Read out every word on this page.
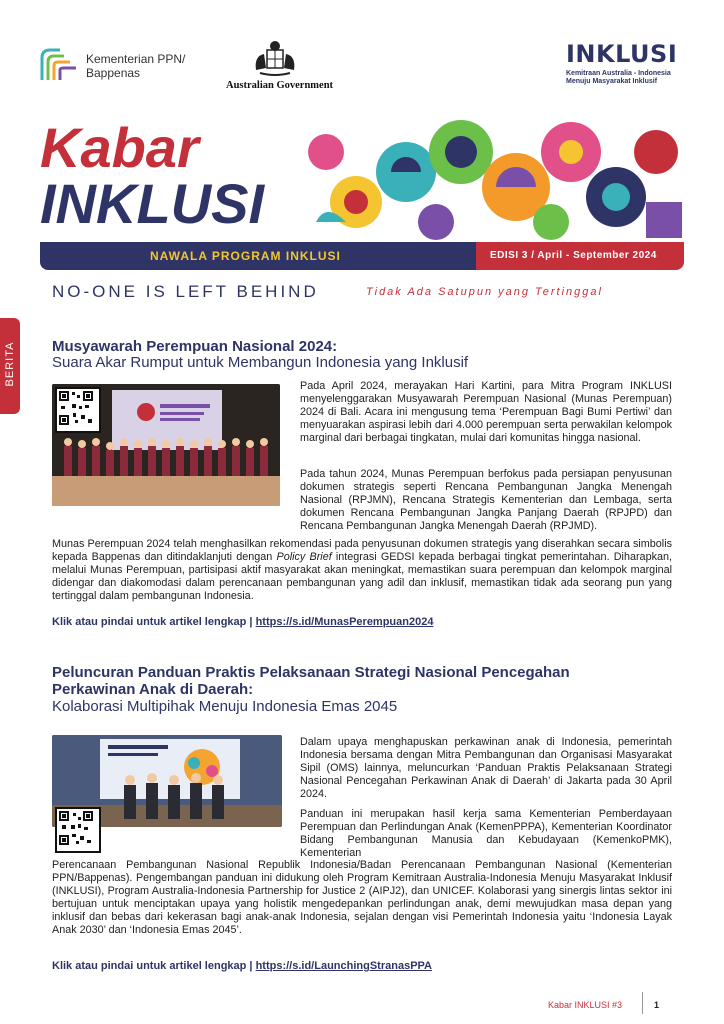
Kementerian PPN/
Bappenas
Australian Government
INKLUSI
Kemitraan Australia - Indonesia
Menuju Masyarakat Inklusif
Kabar
INKLUSI
NAWALA PROGRAM INKLUSI	EDISI 3 / April - September 2024
NO-ONE IS LEFT BEHIND	Tidak Ada Satupun yang Tertinggal
BERITA Musyawarah Perempuan Nasional 2024:
Suara Akar Rumput untuk Membangun Indonesia yang Inklusif
Pada April 2024, merayakan Hari Kartini, para Mitra Program INKLUSI menyelenggarakan Musyawarah Perempuan Nasional (Munas Perempuan) 2024 di Bali. Acara ini mengusung tema ‘Perempuan Bagi Bumi Pertiwi’ dan menyuarakan aspirasi lebih dari 4.000 perempuan serta perwakilan kelompok marginal dari berbagai tingkatan, mulai dari komunitas hingga nasional.
Pada tahun 2024, Munas Perempuan berfokus pada persiapan penyusunan dokumen strategis seperti Rencana Pembangunan Jangka Menengah Nasional (RPJMN), Rencana Strategis Kementerian dan Lembaga, serta dokumen Rencana Pembangunan Jangka Panjang Daerah (RPJPD) dan Rencana Pembangunan Jangka Menengah Daerah (RPJMD).
Munas Perempuan 2024 telah menghasilkan rekomendasi pada penyusunan dokumen strategis yang diserahkan secara simbolis kepada Bappenas dan ditindaklanjuti dengan Policy Brief integrasi GEDSI kepada berbagai tingkat pemerintahan. Diharapkan, melalui Munas Perempuan, partisipasi aktif masyarakat akan meningkat, memastikan suara perempuan dan kelompok marginal didengar dan diakomodasi dalam perencanaan pembangunan yang adil dan inklusif, memastikan tidak ada seorang pun yang tertinggal dalam pembangunan Indonesia.
Klik atau pindai untuk artikel lengkap | https://s.id/MunasPerempuan2024
Peluncuran Panduan Praktis Pelaksanaan Strategi Nasional Pencegahan
Perkawinan Anak di Daerah:
Kolaborasi Multipihak Menuju Indonesia Emas 2045
Dalam upaya menghapuskan perkawinan anak di Indonesia, pemerintah Indonesia bersama dengan Mitra Pembangunan dan Organisasi Masyarakat Sipil (OMS) lainnya, meluncurkan ‘Panduan Praktis Pelaksanaan Strategi Nasional Pencegahan Perkawinan Anak di Daerah’ di Jakarta pada 30 April 2024.
Panduan ini merupakan hasil kerja sama Kementerian Pemberdayaan Perempuan dan Perlindungan Anak (KemenPPPA), Kementerian Koordinator Bidang Pembangunan Manusia dan Kebudayaan (KemenkoPMK), Kementerian
Perencanaan Pembangunan Nasional Republik Indonesia/Badan Perencanaan Pembangunan Nasional (Kementerian PPN/Bappenas). Pengembangan panduan ini didukung oleh Program Kemitraan Australia-Indonesia Menuju Masyarakat Inklusif (INKLUSI), Program Australia-Indonesia Partnership for Justice 2 (AIPJ2), dan UNICEF. Kolaborasi yang sinergis lintas sektor ini bertujuan untuk menciptakan upaya yang holistik mengedepankan perlindungan anak, demi mewujudkan masa depan yang inklusif dan bebas dari kekerasan bagi anak-anak Indonesia, sejalan dengan visi Pemerintah Indonesia yaitu ‘Indonesia Layak Anak 2030’ dan ‘Indonesia Emas 2045’.
Klik atau pindai untuk artikel lengkap | https://s.id/LaunchingStranasPPA
Kabar INKLUSI #3	1
